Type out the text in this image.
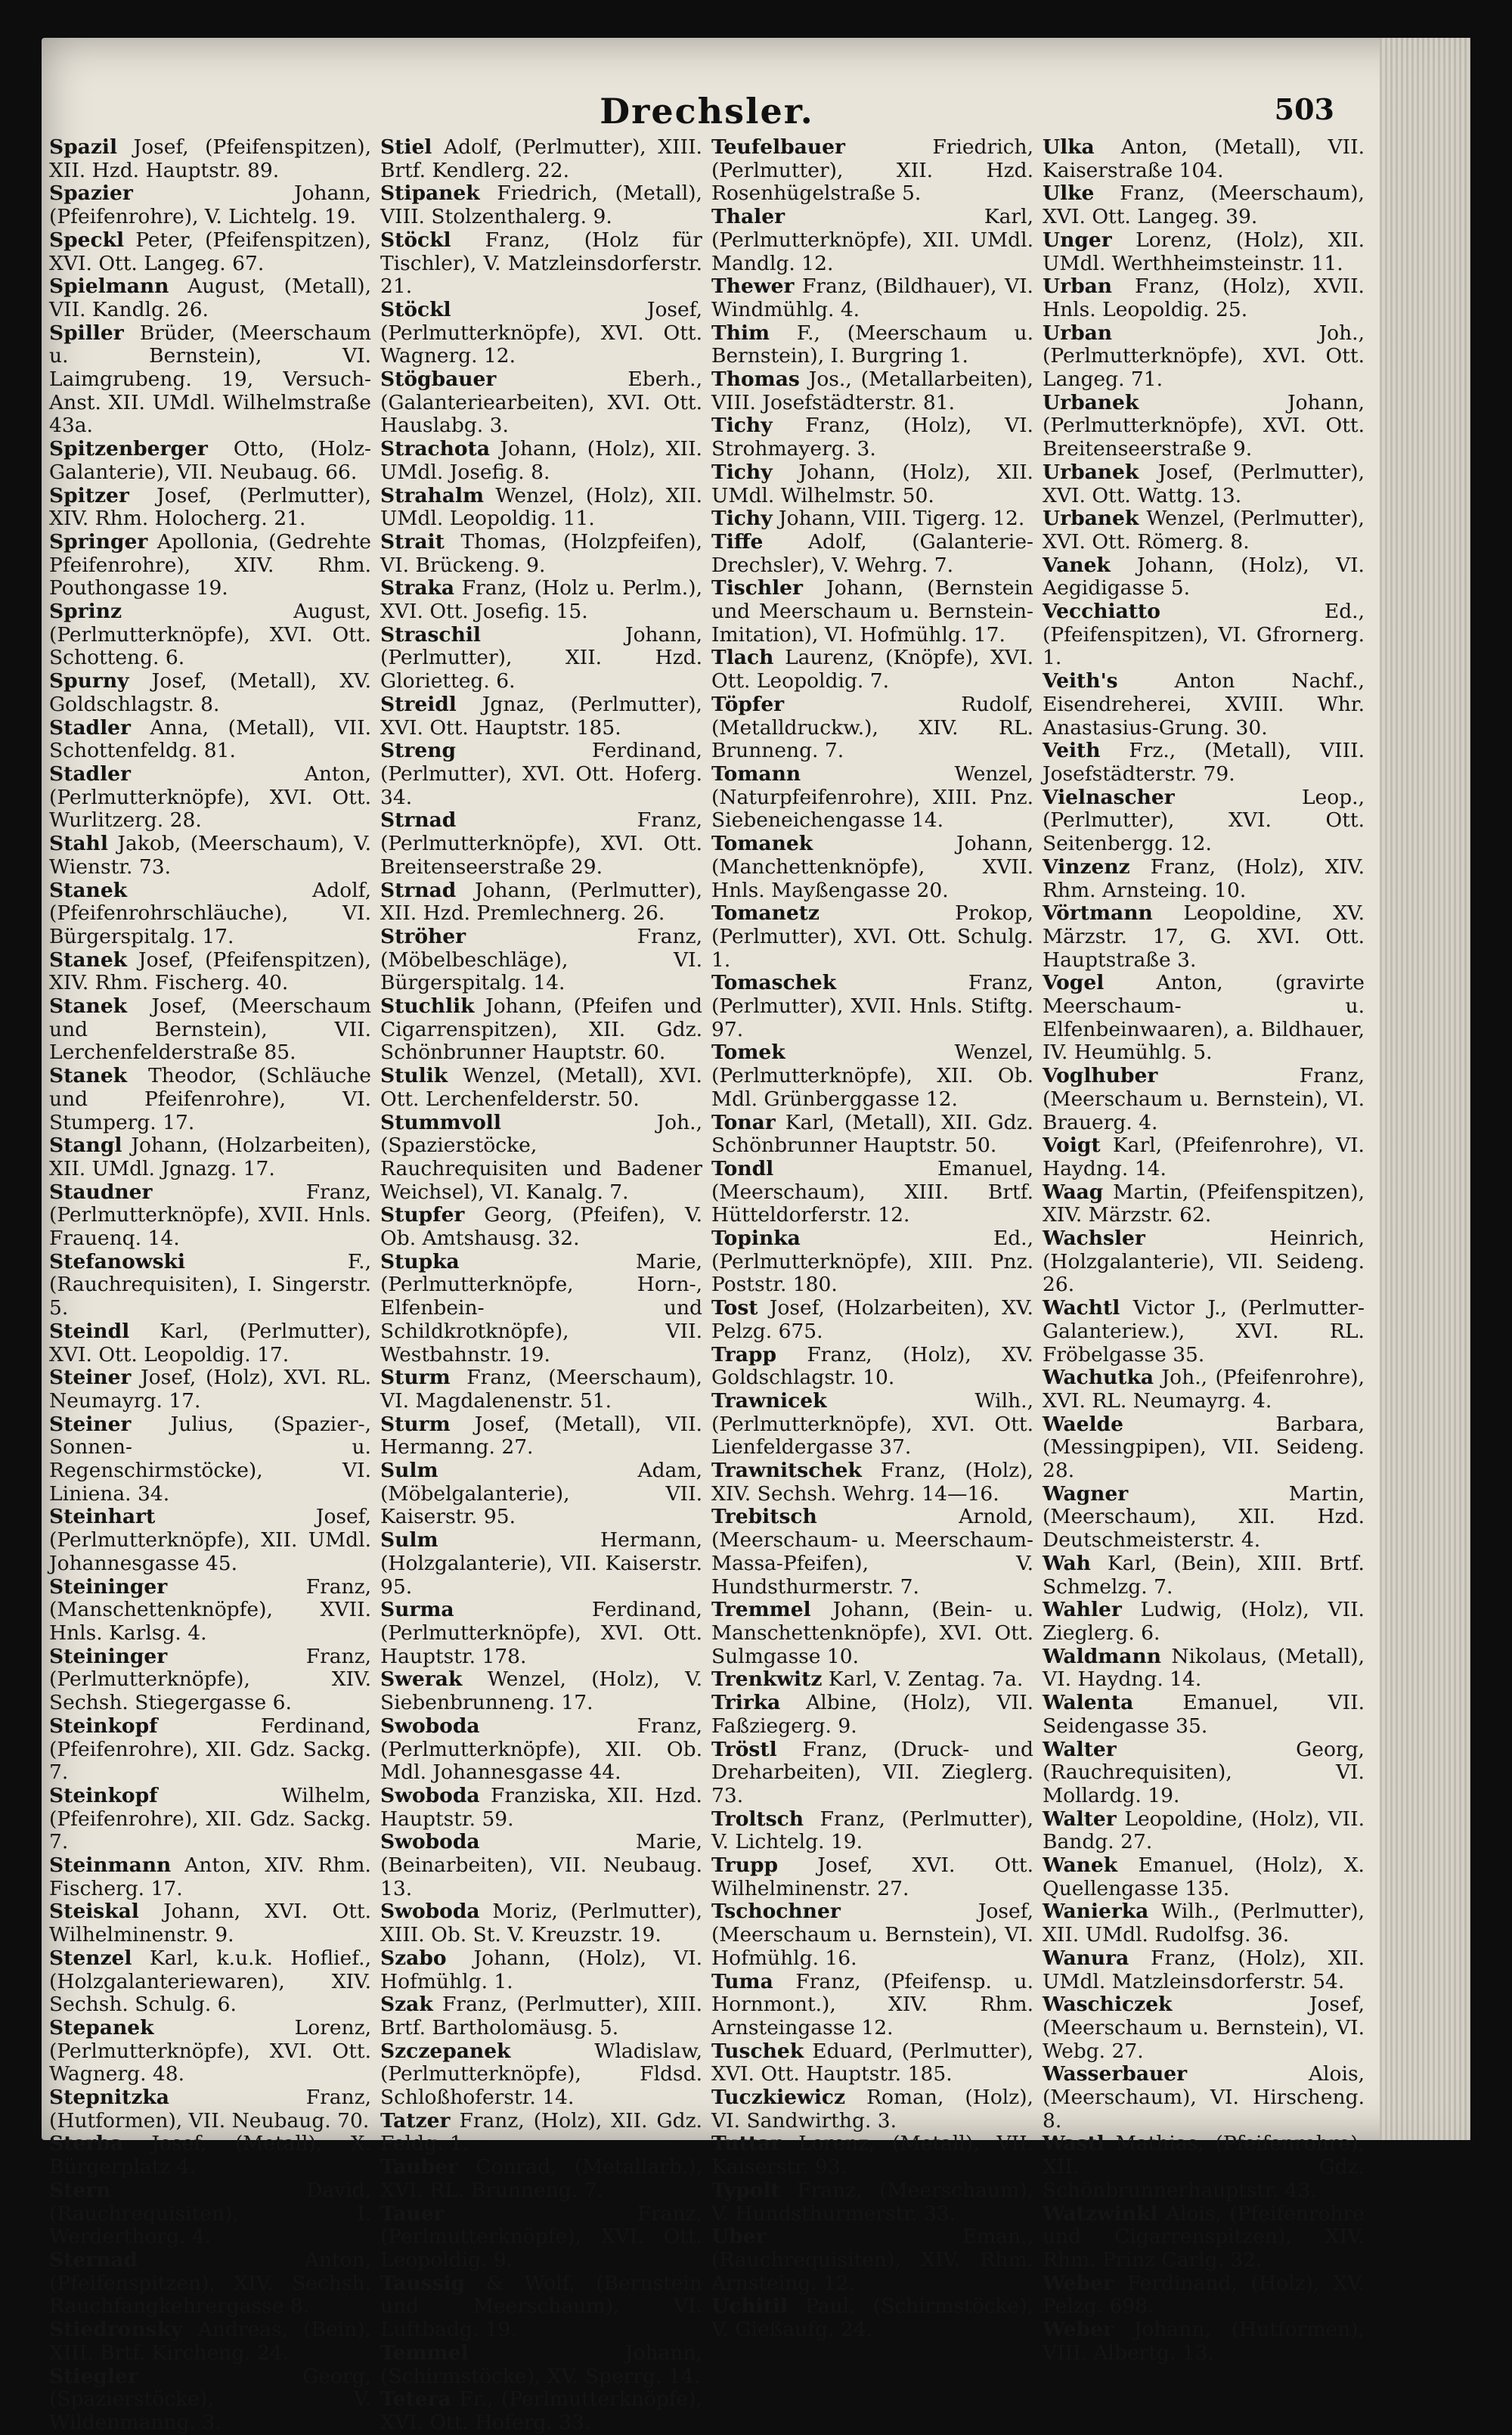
Drechsler.	503

Spazil Josef, (Pfeifenspitzen), XII. Hzd. Hauptstr. 89.

Spazier	Johann, (Pfeifenrohre), V. Lichtelg. 19.

Speckl Peter, (Pfeifenspitzen), XVI. Ott. Langeg. 67.

Spielmann August, (Metall), VII. Kandlg. 26.

Spiller Brüder, (Meerschaum u. Bernstein), VI. Laimgrubeng. 19, Versuch-Anst. XII. UMdl. Wilhelmstraße 43a.

Spitzenberger Otto, (Holz-Galanterie), VII. Neubaug. 66.

Spitzer Josef, (Perlmutter), XIV. Rhm. Holocherg. 21.

Springer Apollonia, (Gedrehte Pfeifenrohre), XIV. Rhm. Pouthongasse 19.

Sprinz	August, (Perlmutterknöpfe), XVI. Ott. Schotteng. 6.

Spurny Josef, (Metall), XV. Goldschlagstr. 8.

Stadler Anna, (Metall), VII. Schottenfeldg. 81.

Stadler	Anton, (Perlmutterknöpfe), XVI. Ott. Wurlitzerg. 28.

Stahl Jakob, (Meerschaum), V. Wienstr. 73.

Stanek	Adolf, (Pfeifenrohrschläuche), VI. Bürgerspitalg. 17.

Stanek Josef, (Pfeifenspitzen), XIV. Rhm. Fischerg. 40.

Stanek Josef, (Meerschaum und Bernstein), VII. Lerchenfelderstraße 85.

Stanek Theodor, (Schläuche und Pfeifenrohre), VI. Stumperg. 17.

Stangl Johann, (Holzarbeiten), XII. UMdl. Jgnazg. 17.

Staudner	Franz, (Perlmutterknöpfe), XVII. Hnls. Frauenq. 14.

Stefanowski	F., (Rauchrequisiten), I. Singerstr. 5.

Steindl Karl, (Perlmutter), XVI. Ott. Leopoldig. 17.

Steiner Josef, (Holz), XVI. RL. Neumayrg. 17.

Steiner Julius, (Spazier-, Sonnen- u. Regenschirmstöcke), VI. Liniena. 34.

Steinhart	Josef, (Perlmutterknöpfe), XII. UMdl. Johannesgasse 45.

Steininger	Franz, (Manschettenknöpfe), XVII. Hnls. Karlsg. 4.

Steininger	Franz, (Perlmutterknöpfe), XIV. Sechsh. Stiegergasse 6.

Steinkopf	Ferdinand, (Pfeifenrohre), XII. Gdz. Sackg. 7.

Steinkopf	Wilhelm, (Pfeifenrohre), XII. Gdz. Sackg. 7.

Steinmann Anton, XIV. Rhm. Fischerg. 17.

Steiskal Johann, XVI. Ott. Wilhelminenstr. 9.

Stenzel Karl, k.u.k. Hoflief., (Holzgalanteriewaren), XIV. Sechsh. Schulg. 6.

Stepanek	Lorenz, (Perlmutterknöpfe), XVI. Ott. Wagnerg. 48.

Stepnitzka	Franz, (Hutformen), VII. Neubaug. 70.

Sterba Josef, (Metall), X. Bürgerplatz 4.

Stern	David, (Rauchrequisiten), I. Werderthorg. 4.

Sternad	Anton, (Pfeifenspitzen), XIV. Sechsh. Rauchfangkehrergasse 8.

Stiedronsky Andreas, (Bein), XIII. Brtf. Kircheng. 24.

Stiegler	Georg, (Spazierstöcke), V. Wildenmanng. 3.

Stiel Adolf, (Perlmutter), XIII. Brtf. Kendlerg. 22.

Stipanek Friedrich, (Metall), VIII. Stolzenthalerg. 9.

Stöckl Franz, (Holz für Tischler), V. Matzleinsdorferstr. 21.

Stöckl	Josef, (Perlmutterknöpfe), XVI. Ott. Wagnerg. 12.

Stögbauer	Eberh., (Galanteriearbeiten), XVI. Ott. Hauslabg. 3.

Strachota Johann, (Holz), XII. UMdl. Josefig. 8.

Strahalm Wenzel, (Holz), XII. UMdl. Leopoldig. 11.

Strait Thomas, (Holzpfeifen), VI. Brückeng. 9.

Straka Franz, (Holz u. Perlm.), XVI. Ott. Josefig. 15.

Straschil	Johann, (Perlmutter), XII. Hzd. Glorietteg. 6.

Streidl Jgnaz, (Perlmutter), XVI. Ott. Hauptstr. 185.

Streng	Ferdinand, (Perlmutter), XVI. Ott. Hoferg. 34.

Strnad	Franz, (Perlmutterknöpfe), XVI. Ott. Breitenseerstraße 29.

Strnad Johann, (Perlmutter), XII. Hzd. Premlechnerg. 26.

Ströher	Franz, (Möbelbeschläge), VI. Bürgerspitalg. 14.

Stuchlik Johann, (Pfeifen und Cigarrenspitzen), XII. Gdz. Schönbrunner Hauptstr. 60.

Stulik Wenzel, (Metall), XVI. Ott. Lerchenfelderstr. 50.

Stummvoll	Joh., (Spazierstöcke, Rauchrequisiten und Badener Weichsel), VI. Kanalg. 7.

Stupfer Georg, (Pfeifen), V. Ob. Amtshausg. 32.

Stupka	Marie, (Perlmutterknöpfe, Horn-, Elfenbein- und Schildkrotknöpfe), VII. Westbahnstr. 19.

Sturm Franz, (Meerschaum), VI. Magdalenenstr. 51.

Sturm Josef, (Metall), VII. Hermanng. 27.

Sulm	Adam, (Möbelgalanterie), VII. Kaiserstr. 95.

Sulm	Hermann, (Holzgalanterie), VII. Kaiserstr. 95.

Surma	Ferdinand, (Perlmutterknöpfe), XVI. Ott. Hauptstr. 178.

Swerak Wenzel, (Holz), V. Siebenbrunneng. 17.

Swoboda	Franz, (Perlmutterknöpfe), XII. Ob. Mdl. Johannesgasse 44.

Swoboda Franziska, XII. Hzd. Hauptstr. 59.

Swoboda	Marie, (Beinarbeiten), VII. Neubaug. 13.

Swoboda Moriz, (Perlmutter), XIII. Ob. St. V. Kreuzstr. 19.

Szabo Johann, (Holz), VI. Hofmühlg. 1.

Szak Franz, (Perlmutter), XIII. Brtf. Bartholomäusg. 5.

Szczepanek	Wladislaw, (Perlmutterknöpfe), Fldsd. Schloßhoferstr. 14.

Tatzer Franz, (Holz), XII. Gdz. Feldg. 1.

Tauber Conrad, (Metallarb.), XVI. RL. Brunneng. 7.

Tauer	Franz, (Perlmutterknöpfe), XVI. Ott. Leopoldig. 9.

Taussig & Wolf, (Bernstein und Meerschaum), VI. Luftbadg. 19.

Temmel	Johann, (Schirmstöcke), XV. Sperrg. 14.

Tetera Fr., (Perlmutterknöpfe), XVI. Ott. Hoferg. 33.

Teufelbauer	Friedrich, (Perlmutter), XII. Hzd. Rosenhügelstraße 5.

Thaler	Karl, (Perlmutterknöpfe), XII. UMdl. Mandlg. 12.

Thewer Franz, (Bildhauer), VI. Windmühlg. 4.

Thim F., (Meerschaum u. Bernstein), I. Burgring 1.

Thomas Jos., (Metallarbeiten), VIII. Josefstädterstr. 81.

Tichy Franz, (Holz), VI. Strohmayerg. 3.

Tichy Johann, (Holz), XII. UMdl. Wilhelmstr. 50.

Tichy Johann, VIII. Tigerg. 12.

Tiffe Adolf, (Galanterie-Drechsler), V. Wehrg. 7.

Tischler Johann, (Bernstein und Meerschaum u. Bernstein-Imitation), VI. Hofmühlg. 17.

Tlach Laurenz, (Knöpfe), XVI. Ott. Leopoldig. 7.

Töpfer	Rudolf, (Metalldruckw.), XIV. RL. Brunneng. 7.

Tomann	Wenzel, (Naturpfeifenrohre), XIII. Pnz. Siebeneichengasse 14.

Tomanek	Johann, (Manchettenknöpfe), XVII. Hnls. Mayßengasse 20.

Tomanetz	Prokop, (Perlmutter), XVI. Ott. Schulg. 1.

Tomaschek	Franz, (Perlmutter), XVII. Hnls. Stiftg. 97.

Tomek	Wenzel, (Perlmutterknöpfe), XII. Ob. Mdl. Grünberggasse 12.

Tonar Karl, (Metall), XII. Gdz. Schönbrunner Hauptstr. 50.

Tondl	Emanuel, (Meerschaum), XIII. Brtf. Hütteldorferstr. 12.

Topinka	Ed., (Perlmutterknöpfe), XIII. Pnz. Poststr. 180.

Tost Josef, (Holzarbeiten), XV. Pelzg. 675.

Trapp Franz, (Holz), XV. Goldschlagstr. 10.

Trawnicek	Wilh., (Perlmutterknöpfe), XVI. Ott. Lienfeldergasse 37.

Trawnitschek Franz, (Holz), XIV. Sechsh. Wehrg. 14—16.

Trebitsch	Arnold, (Meerschaum- u. Meerschaum-Massa-Pfeifen), V. Hundsthurmerstr. 7.

Tremmel Johann, (Bein- u. Manschettenknöpfe), XVI. Ott. Sulmgasse 10.

Trenkwitz Karl, V. Zentag. 7a.

Trirka Albine, (Holz), VII. Faßziegerg. 9.

Tröstl Franz, (Druck- und Dreharbeiten), VII. Zieglerg. 73.

Troltsch Franz, (Perlmutter), V. Lichtelg. 19.

Trupp Josef, XVI. Ott. Wilhelminenstr. 27.

Tschochner	Josef, (Meerschaum u. Bernstein), VI. Hofmühlg. 16.

Tuma Franz, (Pfeifensp. u. Hornmont.), XIV. Rhm. Arnsteingasse 12.

Tuschek Eduard, (Perlmutter), XVI. Ott. Hauptstr. 185.

Tuczkiewicz Roman, (Holz), VI. Sandwirthg. 3.

Tuttar Lorenz, (Metall), VII. Kaiserstr. 93.

Typolt Franz, (Meerschaum), V. Hundsthurmerstr. 33.

Uber	Eman., (Rauchrequisiten), XIV. Rhm. Arnsteing. 12.

Uchitil Paul, (Schirmstöcke), V. Gießaufg. 24.

Ulka Anton, (Metall), VII. Kaiserstraße 104.

Ulke Franz, (Meerschaum), XVI. Ott. Langeg. 39.

Unger Lorenz, (Holz), XII. UMdl. Werthheimsteinstr. 11.

Urban Franz, (Holz), XVII. Hnls. Leopoldig. 25.

Urban	Joh., (Perlmutterknöpfe), XVI. Ott. Langeg. 71.

Urbanek	Johann, (Perlmutterknöpfe), XVI. Ott. Breitenseerstraße 9.

Urbanek Josef, (Perlmutter), XVI. Ott. Wattg. 13.

Urbanek Wenzel, (Perlmutter), XVI. Ott. Römerg. 8.

Vanek Johann, (Holz), VI. Aegidigasse 5.

Vecchiatto	Ed., (Pfeifenspitzen), VI. Gfrornerg. 1.

Veith's	Anton Nachf., Eisendreherei, XVIII. Whr. Anastasius-Grung. 30.

Veith Frz., (Metall), VIII. Josefstädterstr. 79.

Vielnascher	Leop., (Perlmutter), XVI. Ott. Seitenbergg. 12.

Vinzenz Franz, (Holz), XIV. Rhm. Arnsteing. 10.

Vörtmann Leopoldine, XV. Märzstr. 17, G. XVI. Ott. Hauptstraße 3.

Vogel	Anton, (gravirte Meerschaum- u. Elfenbeinwaaren), a. Bildhauer, IV. Heumühlg. 5.

Voglhuber	Franz, (Meerschaum u. Bernstein), VI. Brauerg. 4.

Voigt Karl, (Pfeifenrohre), VI. Haydng. 14.

Waag Martin, (Pfeifenspitzen), XIV. Märzstr. 62.

Wachsler	Heinrich, (Holzgalanterie), VII. Seideng. 26.

Wachtl Victor J., (Perlmutter-Galanteriew.), XVI. RL. Fröbelgasse 35.

Wachutka Joh., (Pfeifenrohre), XVI. RL. Neumayrg. 4.

Waelde	Barbara, (Messingpipen), VII. Seideng. 28.

Wagner	Martin, (Meerschaum), XII. Hzd. Deutschmeisterstr. 4.

Wah Karl, (Bein), XIII. Brtf. Schmelzg. 7.

Wahler Ludwig, (Holz), VII. Zieglerg. 6.

Waldmann Nikolaus, (Metall), VI. Haydng. 14.

Walenta Emanuel, VII. Seidengasse 35.

Walter	Georg, (Rauchrequisiten), VI. Mollardg. 19.

Walter Leopoldine, (Holz), VII. Bandg. 27.

Wanek Emanuel, (Holz), X. Quellengasse 135.

Wanierka Wilh., (Perlmutter), XII. UMdl. Rudolfsg. 36.

Wanura Franz, (Holz), XII. UMdl. Matzleinsdorferstr. 54.

Waschiczek	Josef, (Meerschaum u. Bernstein), VI. Webg. 27.

Wasserbauer	Alois, (Meerschaum), VI. Hirscheng. 8.

Wastl Mathias, (Pfeifenrohre), XII. Gdz. Schönbrunnerhauptstr. 43.

Watzwinkl Alois, (Pfeifenrohre und Cigarrenspitzen), XIV. Rhm. Prinz Carlg. 32.

Weber Ferdinand, (Holz), XV. Pelzg. 698.

Weber Johann, (Hutformen), VIII. Albertg. 13.
